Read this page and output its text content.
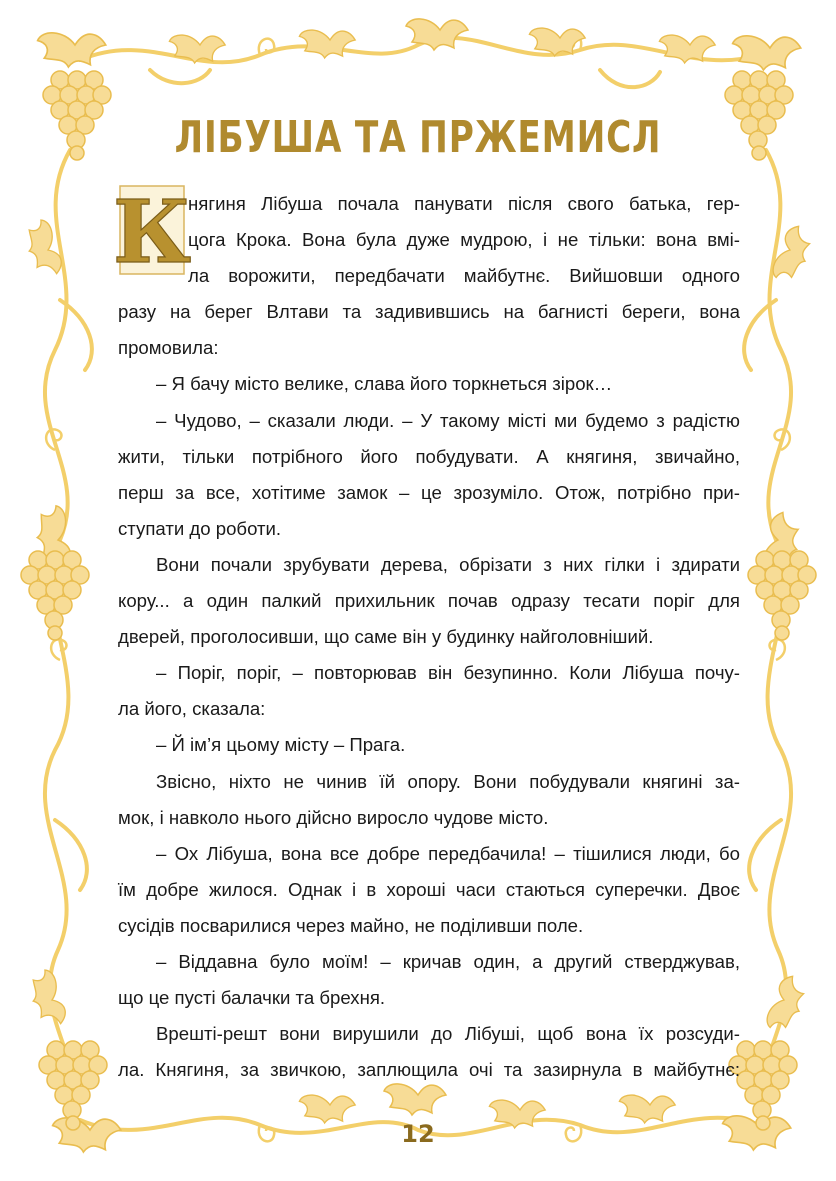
ЛІБУША ТА ПРЖЕМИСЛ
К
нягиня Лібуша почала панувати після свого батька, гер-
цога Крока. Вона була дуже мудрою, і не тільки: вона вмі-
ла ворожити, передбачати майбутнє. Вийшовши одного
разу на берег Влтави та задивившись на багнисті береги, вона
промовила:
– Я бачу місто велике, слава його торкнеться зірок…
– Чудово, – сказали люди. – У такому місті ми будемо з радістю
жити, тільки потрібного його побудувати. А княгиня, звичайно,
перш за все, хотітиме замок – це зрозуміло. Отож, потрібно при-
ступати до роботи.
Вони почали зрубувати дерева, обрізати з них гілки і здирати
кору... а один палкий прихильник почав одразу тесати поріг для
дверей, проголосивши, що саме він у будинку найголовніший.
– Поріг, поріг, – повторював він безупинно. Коли Лібуша почу-
ла його, сказала:
– Й ім’я цьому місту – Прага.
Звісно, ніхто не чинив їй опору. Вони побудували княгині за-
мок, і навколо нього дійсно виросло чудове місто.
– Ох Лібуша, вона все добре передбачила! – тішилися люди, бо
їм добре жилося. Однак і в хороші часи стаються суперечки. Двоє
сусідів посварилися через майно, не поділивши поле.
– Віддавна було моїм! – кричав один, а другий стверджував,
що це пусті балачки та брехня.
Врешті-решт вони вирушили до Лібуші, щоб вона їх розсуди-
ла. Княгиня, за звичкою, заплющила очі та зазирнула в майбутнє:
12
